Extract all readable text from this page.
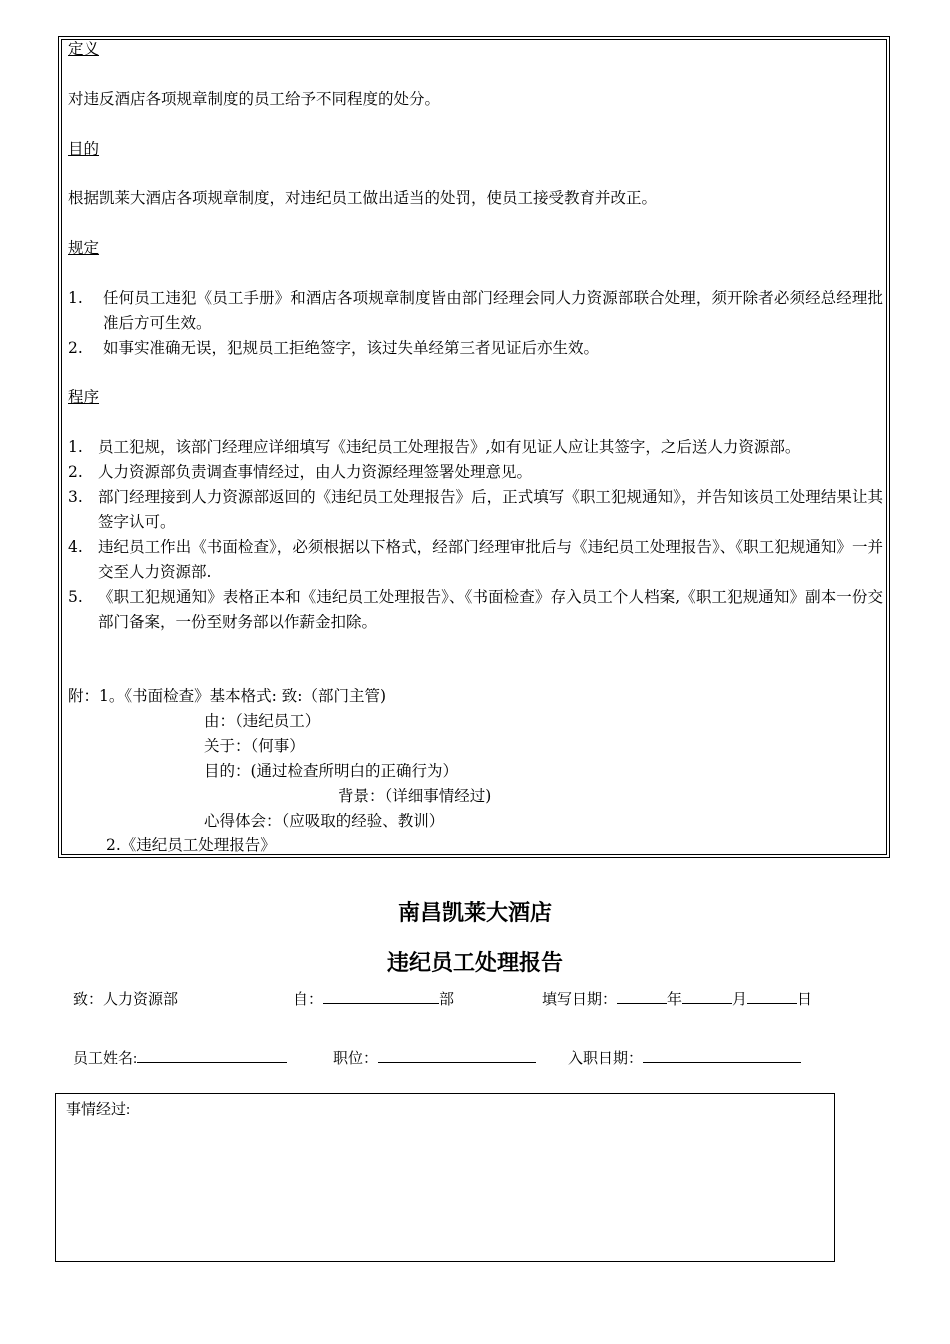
定义
对违反酒店各项规章制度的员工给予不同程度的处分。
目的
根据凯莱大酒店各项规章制度，对违纪员工做出适当的处罚，使员工接受教育并改正。
规定
1. 任何员工违犯《员工手册》和酒店各项规章制度皆由部门经理会同人力资源部联合处理，须开除者必须经总经理批准后方可生效。
2. 如事实准确无误，犯规员工拒绝签字，该过失单经第三者见证后亦生效。
程序
1. 员工犯规，该部门经理应详细填写《违纪员工处理报告》,如有见证人应让其签字，之后送人力资源部。
2. 人力资源部负责调查事情经过，由人力资源经理签署处理意见。
3. 部门经理接到人力资源部返回的《违纪员工处理报告》后，正式填写《职工犯规通知》，并告知该员工处理结果让其签字认可。
4. 违纪员工作出《书面检查》，必须根据以下格式，经部门经理审批后与《违纪员工处理报告》、《职工犯规通知》一并交至人力资源部.
5. 《职工犯规通知》表格正本和《违纪员工处理报告》、《书面检查》存入员工个人档案,《职工犯规通知》副本一份交部门备案，一份至财务部以作薪金扣除。
附：1。《书面检查》基本格式: 致:（部门主管)
由：（违纪员工）
关于：（何事）
目的：(通过检查所明白的正确行为）
背景：（详细事情经过)
心得体会：（应吸取的经验、教训）
2.《违纪员工处理报告》
南昌凯莱大酒店
违纪员工处理报告
致：人力资源部	自：	部	填写日期：	年	月	日
员工姓名:	职位：	入职日期：
事情经过:
